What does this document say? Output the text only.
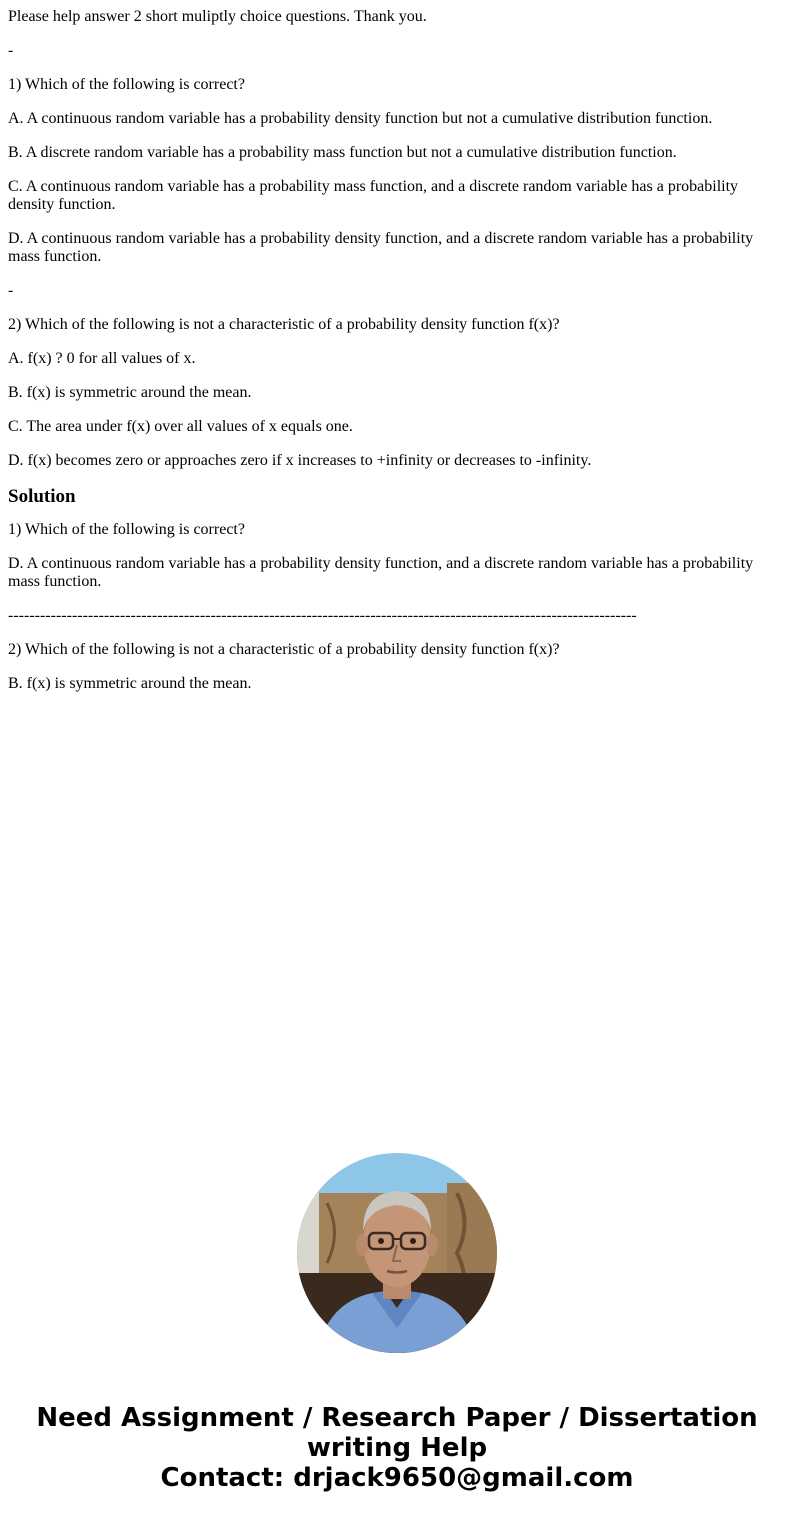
Please help answer 2 short muliptly choice questions. Thank you.

-

1) Which of the following is correct?

A. A continuous random variable has a probability density function but not a cumulative distribution function.

B. A discrete random variable has a probability mass function but not a cumulative distribution function.

C. A continuous random variable has a probability mass function, and a discrete random variable has a probability density function.

D. A continuous random variable has a probability density function, and a discrete random variable has a probability mass function.

-

2) Which of the following is not a characteristic of a probability density function f(x)?

A. f(x) ? 0 for all values of x.

B. f(x) is symmetric around the mean.

C. The area under f(x) over all values of x equals one.

D. f(x) becomes zero or approaches zero if x increases to +infinity or decreases to -infinity.

Solution

1) Which of the following is correct?

D. A continuous random variable has a probability density function, and a discrete random variable has a probability mass function.

----------------------------------------------------------------------------------------------------------------------

2) Which of the following is not a characteristic of a probability density function f(x)?

B. f(x) is symmetric around the mean.

Need Assignment / Research Paper / Dissertation
writing Help
Contact: drjack9650@gmail.com
